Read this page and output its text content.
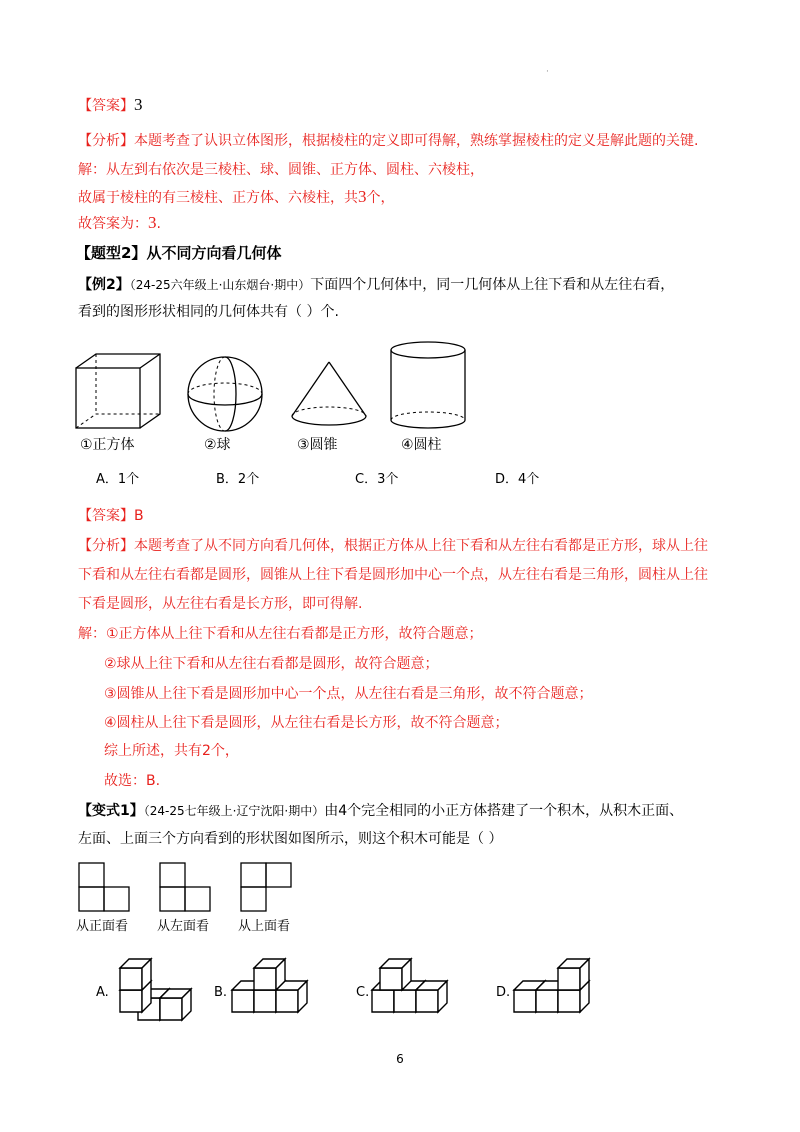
·
【答案】3
【分析】本题考查了认识立体图形，根据棱柱的定义即可得解，熟练掌握棱柱的定义是解此题的关键.
解：从左到右依次是三棱柱、球、圆锥、正方体、圆柱、六棱柱，
故属于棱柱的有三棱柱、正方体、六棱柱，共3个，
故答案为：3.
【题型2】从不同方向看几何体
【例2】（24-25六年级上·山东烟台·期中）下面四个几何体中，同一几何体从上往下看和从左往右看，
看到的图形形状相同的几何体共有（ ）个.
①正方体	②球	③圆锥	④圆柱
A．1个	B．2个	C．3个	D．4个
【答案】B
【分析】本题考查了从不同方向看几何体，根据正方体从上往下看和从左往右看都是正方形，球从上往
下看和从左往右看都是圆形，圆锥从上往下看是圆形加中心一个点，从左往右看是三角形，圆柱从上往
下看是圆形，从左往右看是长方形，即可得解.
解：①正方体从上往下看和从左往右看都是正方形，故符合题意；
②球从上往下看和从左往右看都是圆形，故符合题意；
③圆锥从上往下看是圆形加中心一个点，从左往右看是三角形，故不符合题意；
④圆柱从上往下看是圆形，从左往右看是长方形，故不符合题意；
综上所述，共有2个，
故选：B.
【变式1】（24-25七年级上·辽宁沈阳·期中）由4个完全相同的小正方体搭建了一个积木，从积木正面、
左面、上面三个方向看到的形状图如图所示，则这个积木可能是（ ）
从正面看 从左面看 从上面看
A.	B.	C.	D.
6
